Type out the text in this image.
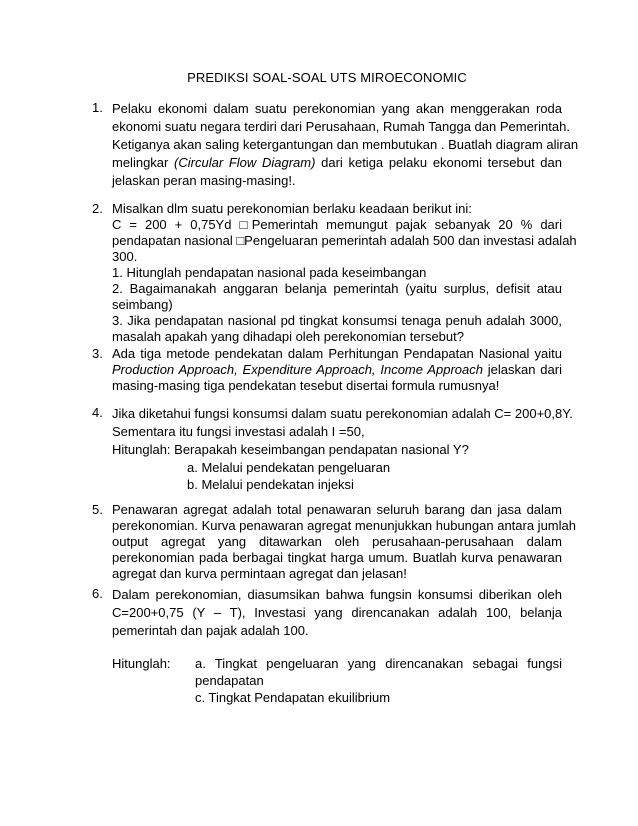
PREDIKSI SOAL-SOAL UTS MIROECONOMIC
1. Pelaku ekonomi dalam suatu perekonomian yang akan menggerakan roda
ekonomi suatu negara terdiri dari Perusahaan, Rumah Tangga dan Pemerintah.
Ketiganya akan saling ketergantungan dan membutukan . Buatlah diagram aliran
melingkar (Circular Flow Diagram) dari ketiga pelaku ekonomi tersebut dan
jelaskan peran masing-masing!.
2. Misalkan dlm suatu perekonomian berlaku keadaan berikut ini:
C = 200 + 0,75Yd □Pemerintah memungut pajak sebanyak 20 % dari
pendapatan nasional □Pengeluaran pemerintah adalah 500 dan investasi adalah
300.
1. Hitunglah pendapatan nasional pada keseimbangan
2. Bagaimanakah anggaran belanja pemerintah (yaitu surplus, defisit atau
seimbang)
3. Jika pendapatan nasional pd tingkat konsumsi tenaga penuh adalah 3000,
masalah apakah yang dihadapi oleh perekonomian tersebut?
3. Ada tiga metode pendekatan dalam Perhitungan Pendapatan Nasional yaitu
Production Approach, Expenditure Approach, Income Approach jelaskan dari
masing-masing tiga pendekatan tesebut disertai formula rumusnya!
4. Jika diketahui fungsi konsumsi dalam suatu perekonomian adalah C= 200+0,8Y.
Sementara itu fungsi investasi adalah I =50,
Hitunglah: Berapakah keseimbangan pendapatan nasional Y?
a. Melalui pendekatan pengeluaran
b. Melalui pendekatan injeksi
5. Penawaran agregat adalah total penawaran seluruh barang dan jasa dalam
perekonomian. Kurva penawaran agregat menunjukkan hubungan antara jumlah
output agregat yang ditawarkan oleh perusahaan-perusahaan dalam
perekonomian pada berbagai tingkat harga umum. Buatlah kurva penawaran
agregat dan kurva permintaan agregat dan jelasan!
6. Dalam perekonomian, diasumsikan bahwa fungsin konsumsi diberikan oleh
C=200+0,75 (Y – T), Investasi yang direncanakan adalah 100, belanja
pemerintah dan pajak adalah 100.
Hitunglah:	a. Tingkat pengeluaran yang direncanakan sebagai fungsi
pendapatan
c. Tingkat Pendapatan ekuilibrium
